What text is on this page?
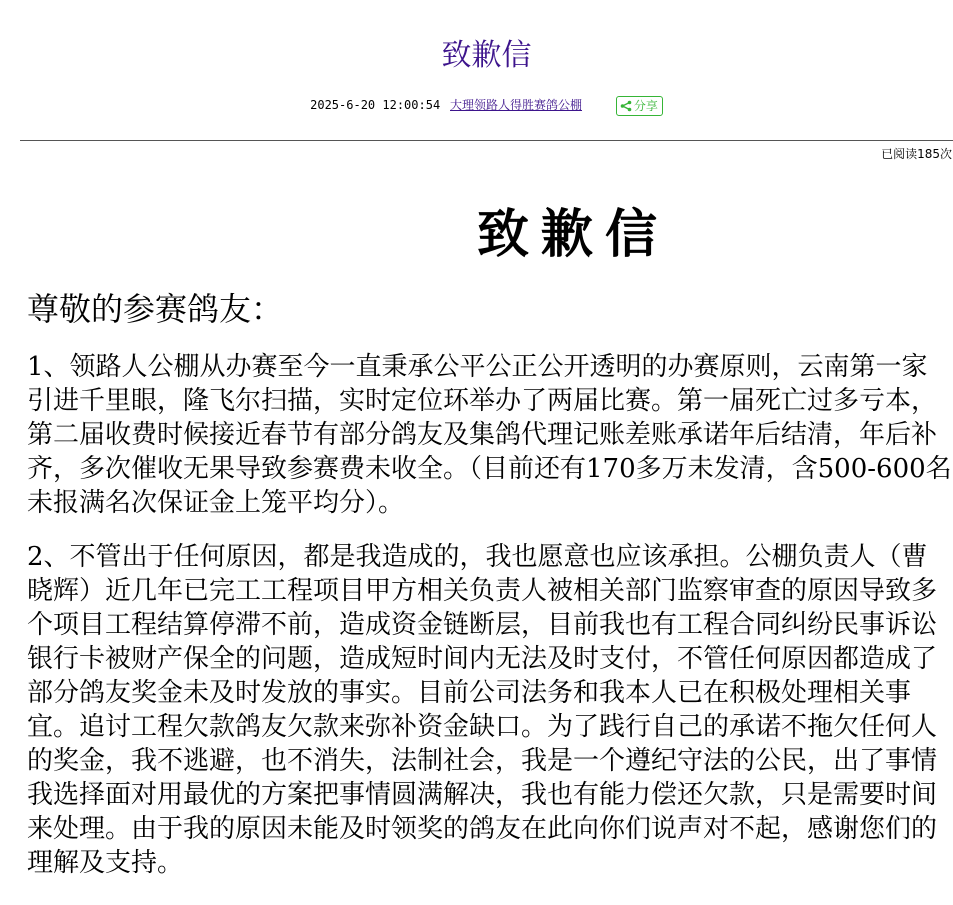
致歉信
2025-6-20 12:00:54 大理领路人得胜赛鸽公棚	分享
已阅读185次
致歉信

尊敬的参赛鸽友：

1、领路人公棚从办赛至今一直秉承公平公正公开透明的办赛原则，云南第一家引进千里眼，隆飞尔扫描，实时定位环举办了两届比赛。第一届死亡过多亏本，第二届收费时候接近春节有部分鸽友及集鸽代理记账差账承诺年后结清，年后补齐，多次催收无果导致参赛费未收全。（目前还有170多万未发清，含500-600名未报满名次保证金上笼平均分）。

2、不管出于任何原因，都是我造成的，我也愿意也应该承担。公棚负责人（曹晓辉）近几年已完工工程项目甲方相关负责人被相关部门监察审查的原因导致多个项目工程结算停滞不前，造成资金链断层，目前我也有工程合同纠纷民事诉讼银行卡被财产保全的问题，造成短时间内无法及时支付，不管任何原因都造成了部分鸽友奖金未及时发放的事实。目前公司法务和我本人已在积极处理相关事宜。追讨工程欠款鸽友欠款来弥补资金缺口。为了践行自己的承诺不拖欠任何人的奖金，我不逃避，也不消失，法制社会，我是一个遵纪守法的公民，出了事情我选择面对用最优的方案把事情圆满解决，我也有能力偿还欠款，只是需要时间来处理。由于我的原因未能及时领奖的鸽友在此向你们说声对不起，感谢您们的理解及支持。
